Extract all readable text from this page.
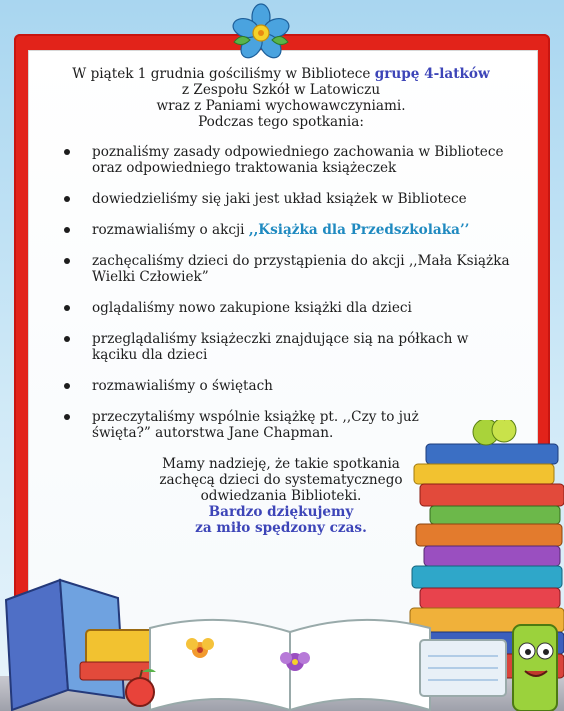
W piątek 1 grudnia gościliśmy w Bibliotece grupę 4-latków
z Zespołu Szkół w Latowiczu
wraz z Paniami wychowawczyniami.
Podczas tego spotkania:
poznaliśmy zasady odpowiedniego zachowania w Bibliotece oraz odpowiedniego traktowania książeczek
dowiedzieliśmy się jaki jest układ książek w Bibliotece
rozmawialiśmy o akcji ,,Książka dla Przedszkolaka’’
zachęcaliśmy dzieci do przystąpienia do akcji ,,Mała Książka Wielki Człowiek”
oglądaliśmy nowo zakupione książki dla dzieci
przeglądaliśmy książeczki znajdujące sią na półkach w kąciku dla dzieci
rozmawialiśmy o świętach
przeczytaliśmy wspólnie książkę pt. ,,Czy to już święta?” autorstwa Jane Chapman.
Mamy nadzieję, że takie spotkania
zachęcą dzieci do systematycznego
odwiedzania Biblioteki.
Bardzo dziękujemy
za miło spędzony czas.
